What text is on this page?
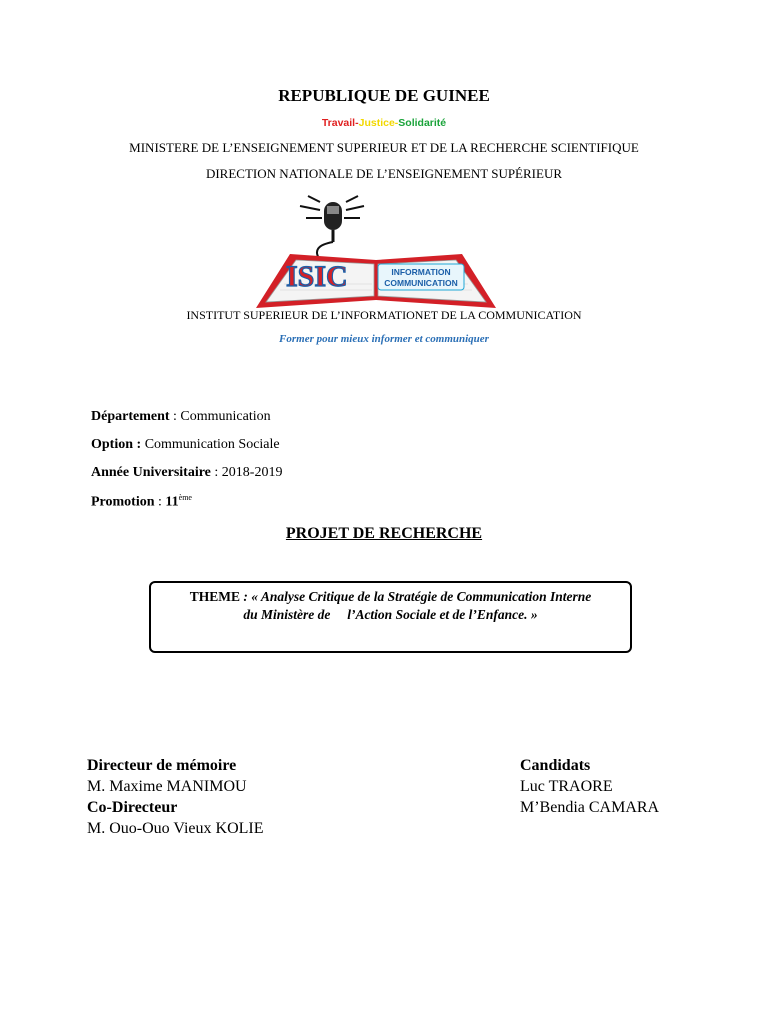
REPUBLIQUE DE GUINEE
Travail-Justice-Solidarité
MINISTERE DE L’ENSEIGNEMENT SUPERIEUR ET DE LA RECHERCHE SCIENTIFIQUE
DIRECTION NATIONALE DE L’ENSEIGNEMENT SUPÉRIEUR
ISIC	INFORMATION
COMMUNICATION
INSTITUT SUPERIEUR DE L’INFORMATIONET DE LA COMMUNICATION
Former pour mieux informer et communiquer
Département : Communication
Option : Communication Sociale
Année Universitaire : 2018-2019
Promotion : 11ème
PROJET DE RECHERCHE
THEME : « Analyse Critique de la Stratégie de Communication Interne
du Ministère de     l’Action Sociale et de l’Enfance. »
Directeur de mémoire
M. Maxime MANIMOU
Co-Directeur
M. Ouo-Ouo Vieux KOLIE
Candidats
Luc TRAORE
M’Bendia CAMARA
